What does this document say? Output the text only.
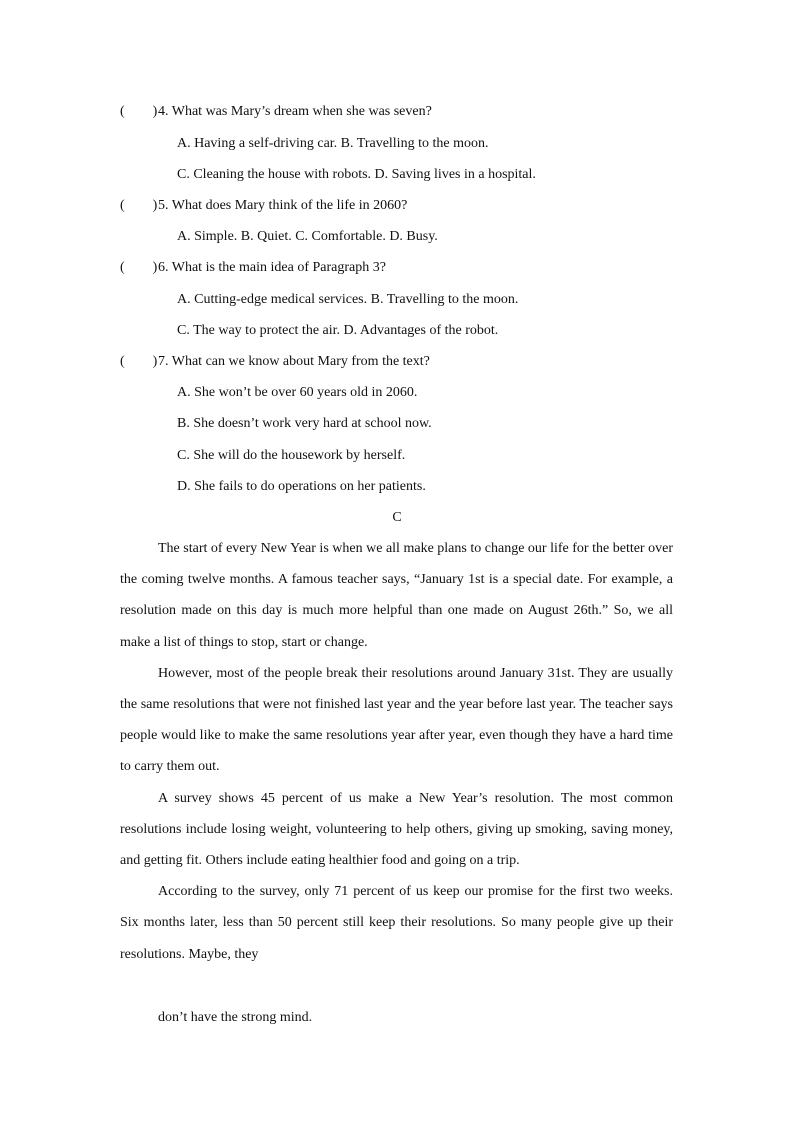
(　　)4. What was Mary’s dream when she was seven?
A. Having a self-driving car. B. Travelling to the moon.
C. Cleaning the house with robots. D. Saving lives in a hospital.
(　　)5. What does Mary think of the life in 2060?
A. Simple. B. Quiet. C. Comfortable. D. Busy.
(　　)6. What is the main idea of Paragraph 3?
A. Cutting-edge medical services. B. Travelling to the moon.
C. The way to protect the air. D. Advantages of the robot.
(　　)7. What can we know about Mary from the text?
A. She won’t be over 60 years old in 2060.
B. She doesn’t work very hard at school now.
C. She will do the housework by herself.
D. She fails to do operations on her patients.
C

The start of every New Year is when we all make plans to change our life for the better over the coming twelve months. A famous teacher says, “January 1st is a special date. For example, a resolution made on this day is much more helpful than one made on August 26th.” So, we all make a list of things to stop, start or change.

However, most of the people break their resolutions around January 31st. They are usually the same resolutions that were not finished last year and the year before last year. The teacher says people would like to make the same resolutions year after year, even though they have a hard time to carry them out.

A survey shows 45 percent of us make a New Year’s resolution. The most common resolutions include losing weight, volunteering to help others, giving up smoking, saving money, and getting fit. Others include eating healthier food and going on a trip.

According to the survey, only 71 percent of us keep our promise for the first two weeks. Six months later, less than 50 percent still keep their resolutions. So many people give up their resolutions. Maybe, they

don’t have the strong mind.
